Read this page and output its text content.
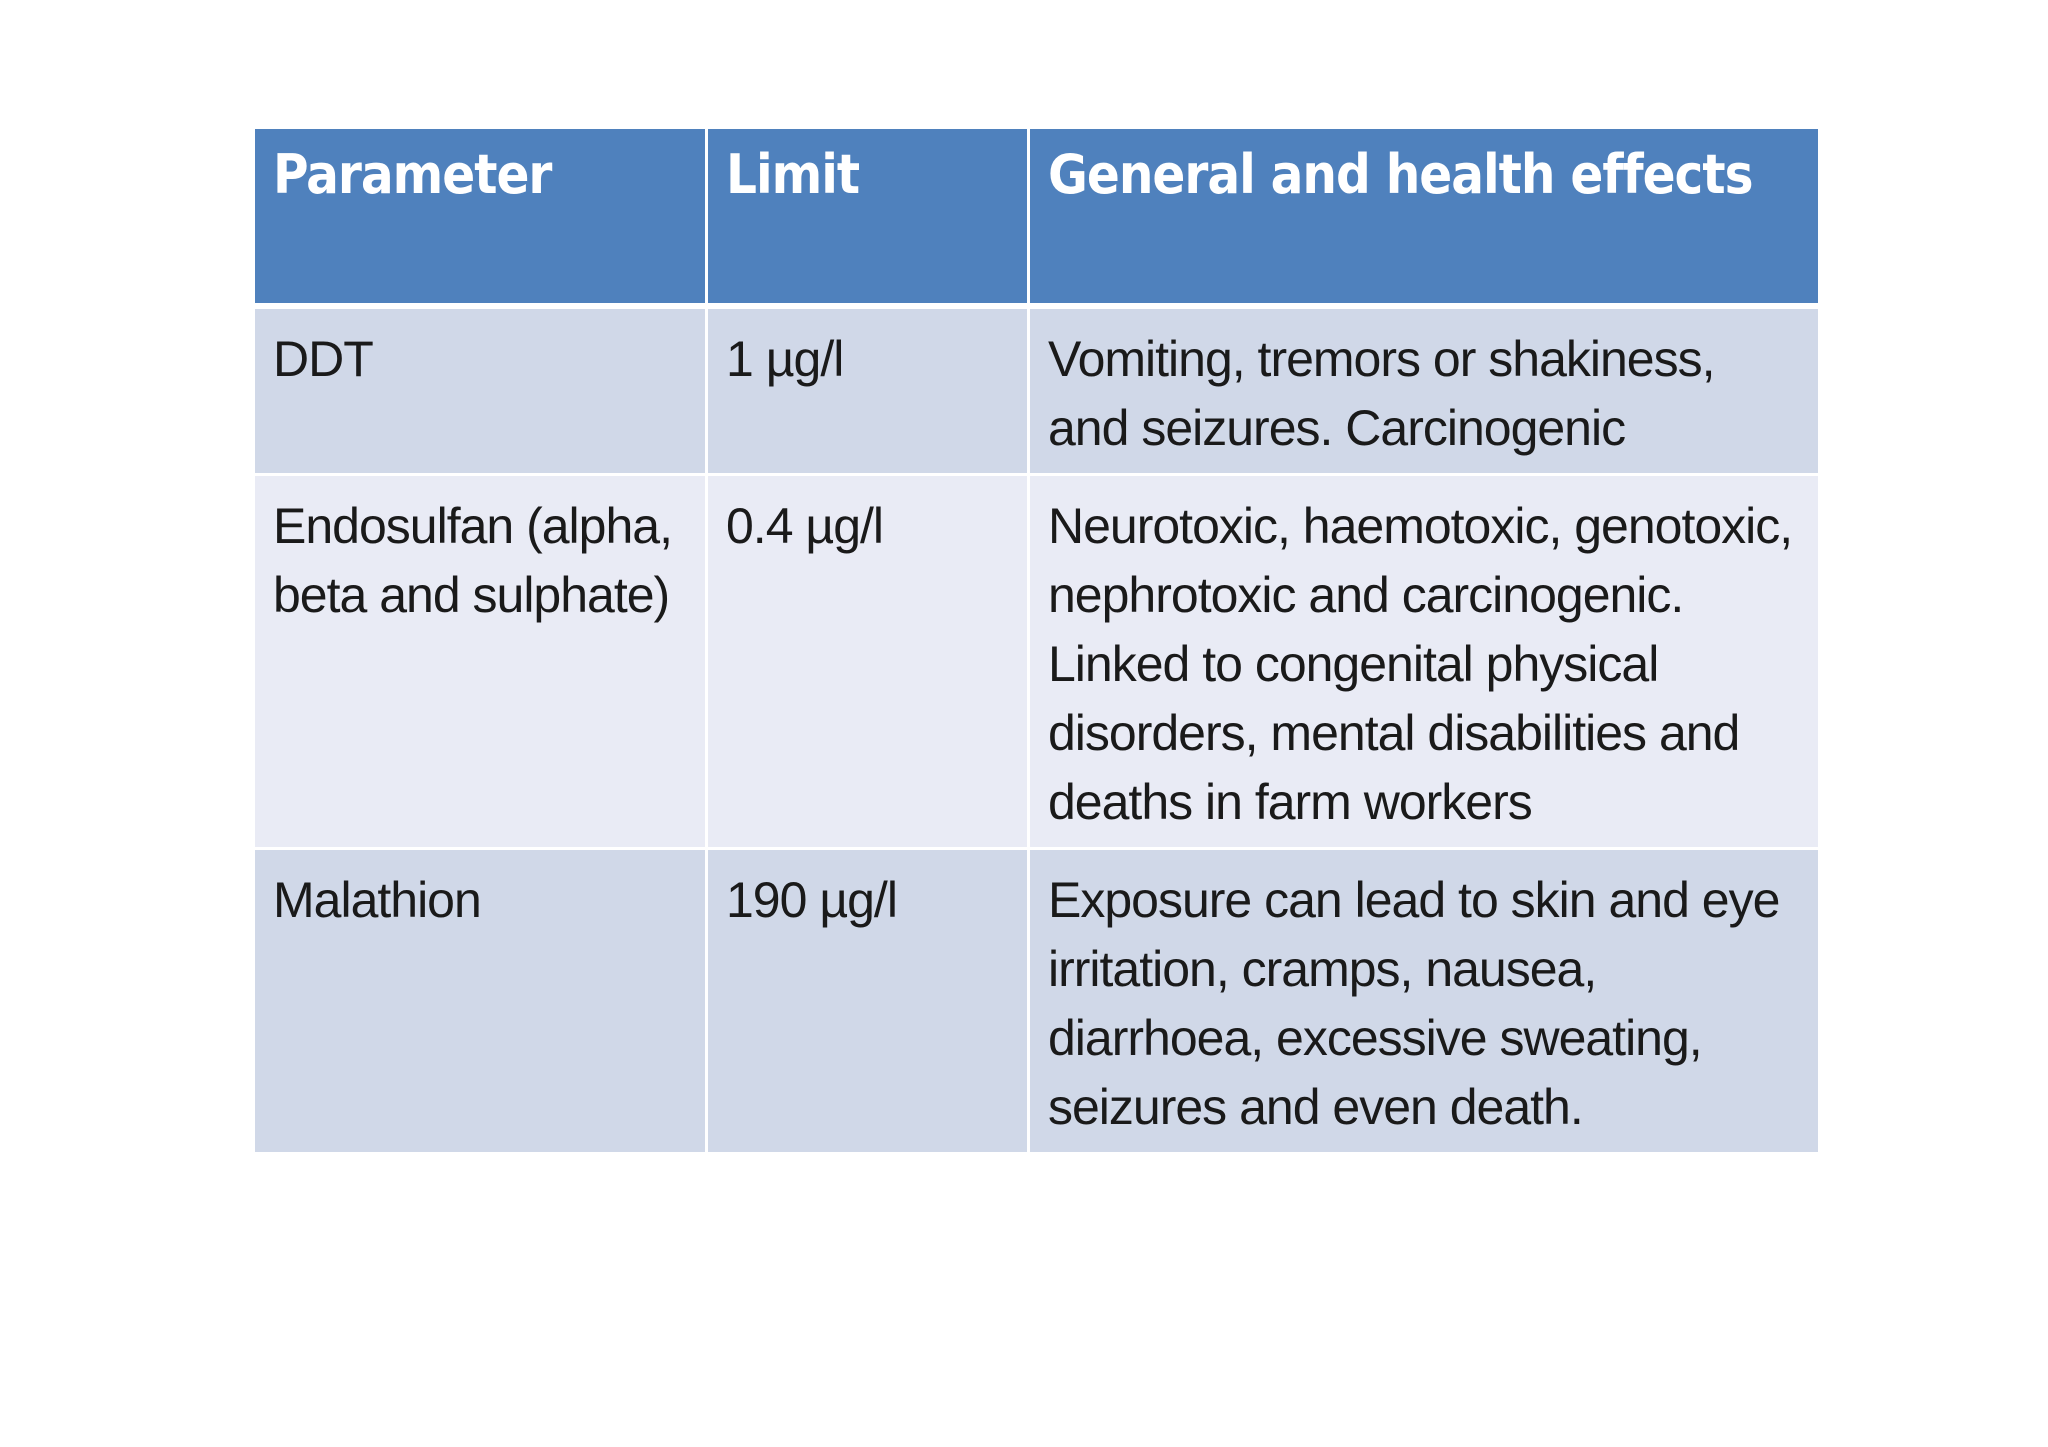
Parameter	Limit	General and health effects
DDT	1 µg/l	Vomiting, tremors or shakiness, and seizures. Carcinogenic
Endosulfan (alpha, beta and sulphate)	0.4 µg/l	Neurotoxic, haemotoxic, genotoxic, nephrotoxic and carcinogenic. Linked to congenital physical disorders, mental disabilities and deaths in farm workers
Malathion	190 µg/l	Exposure can lead to skin and eye irritation, cramps, nausea, diarrhoea, excessive sweating, seizures and even death.
